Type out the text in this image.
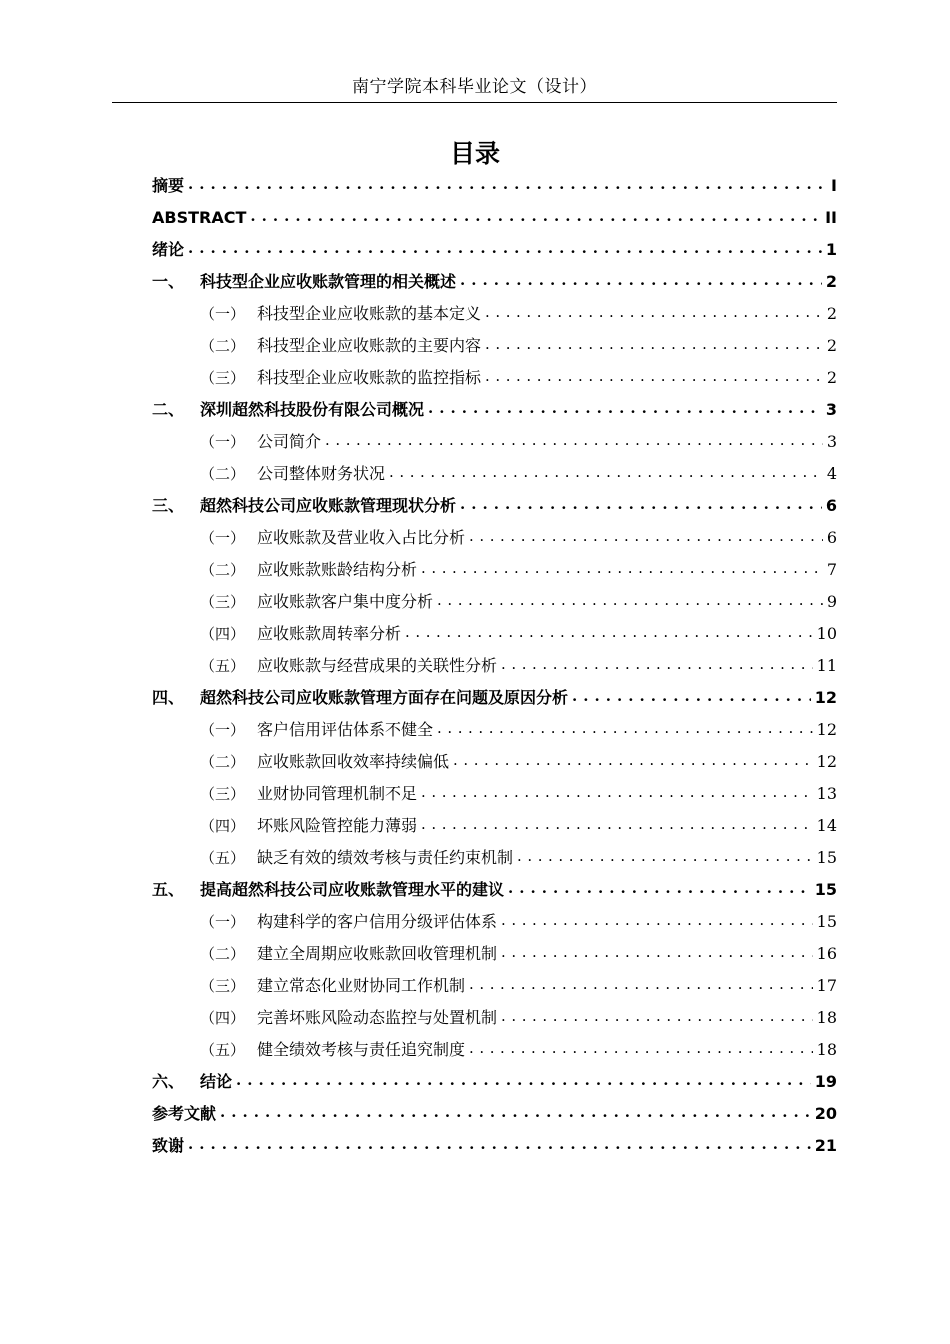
南宁学院本科毕业论文（设计）
目录
摘要 . . .	I
ABSTRACT . . .	II
绪论 . . .	1
一、 科技型企业应收账款管理的相关概述 . . .	2
（一） 科技型企业应收账款的基本定义 . . .	2
（二） 科技型企业应收账款的主要内容 . . .	2
（三） 科技型企业应收账款的监控指标 . . .	2
二、 深圳超然科技股份有限公司概况 . . .	3
（一） 公司简介 . . .	3
（二） 公司整体财务状况 . . .	4
三、 超然科技公司应收账款管理现状分析 . . .	6
（一） 应收账款及营业收入占比分析 . . .	6
（二） 应收账款账龄结构分析 . . .	7
（三） 应收账款客户集中度分析 . . .	9
（四） 应收账款周转率分析 . . .	10
（五） 应收账款与经营成果的关联性分析 . . .	11
四、 超然科技公司应收账款管理方面存在问题及原因分析 . . .	12
（一） 客户信用评估体系不健全 . . .	12
（二） 应收账款回收效率持续偏低 . . .	12
（三） 业财协同管理机制不足 . . .	13
（四） 坏账风险管控能力薄弱 . . .	14
（五） 缺乏有效的绩效考核与责任约束机制 . . .	15
五、 提高超然科技公司应收账款管理水平的建议 . . .	15
（一） 构建科学的客户信用分级评估体系 . . .	15
（二） 建立全周期应收账款回收管理机制 . . .	16
（三） 建立常态化业财协同工作机制 . . .	17
（四） 完善坏账风险动态监控与处置机制 . . .	18
（五） 健全绩效考核与责任追究制度 . . .	18
六、 结论 . . .	19
参考文献 . . .	20
致谢 . . .	21
